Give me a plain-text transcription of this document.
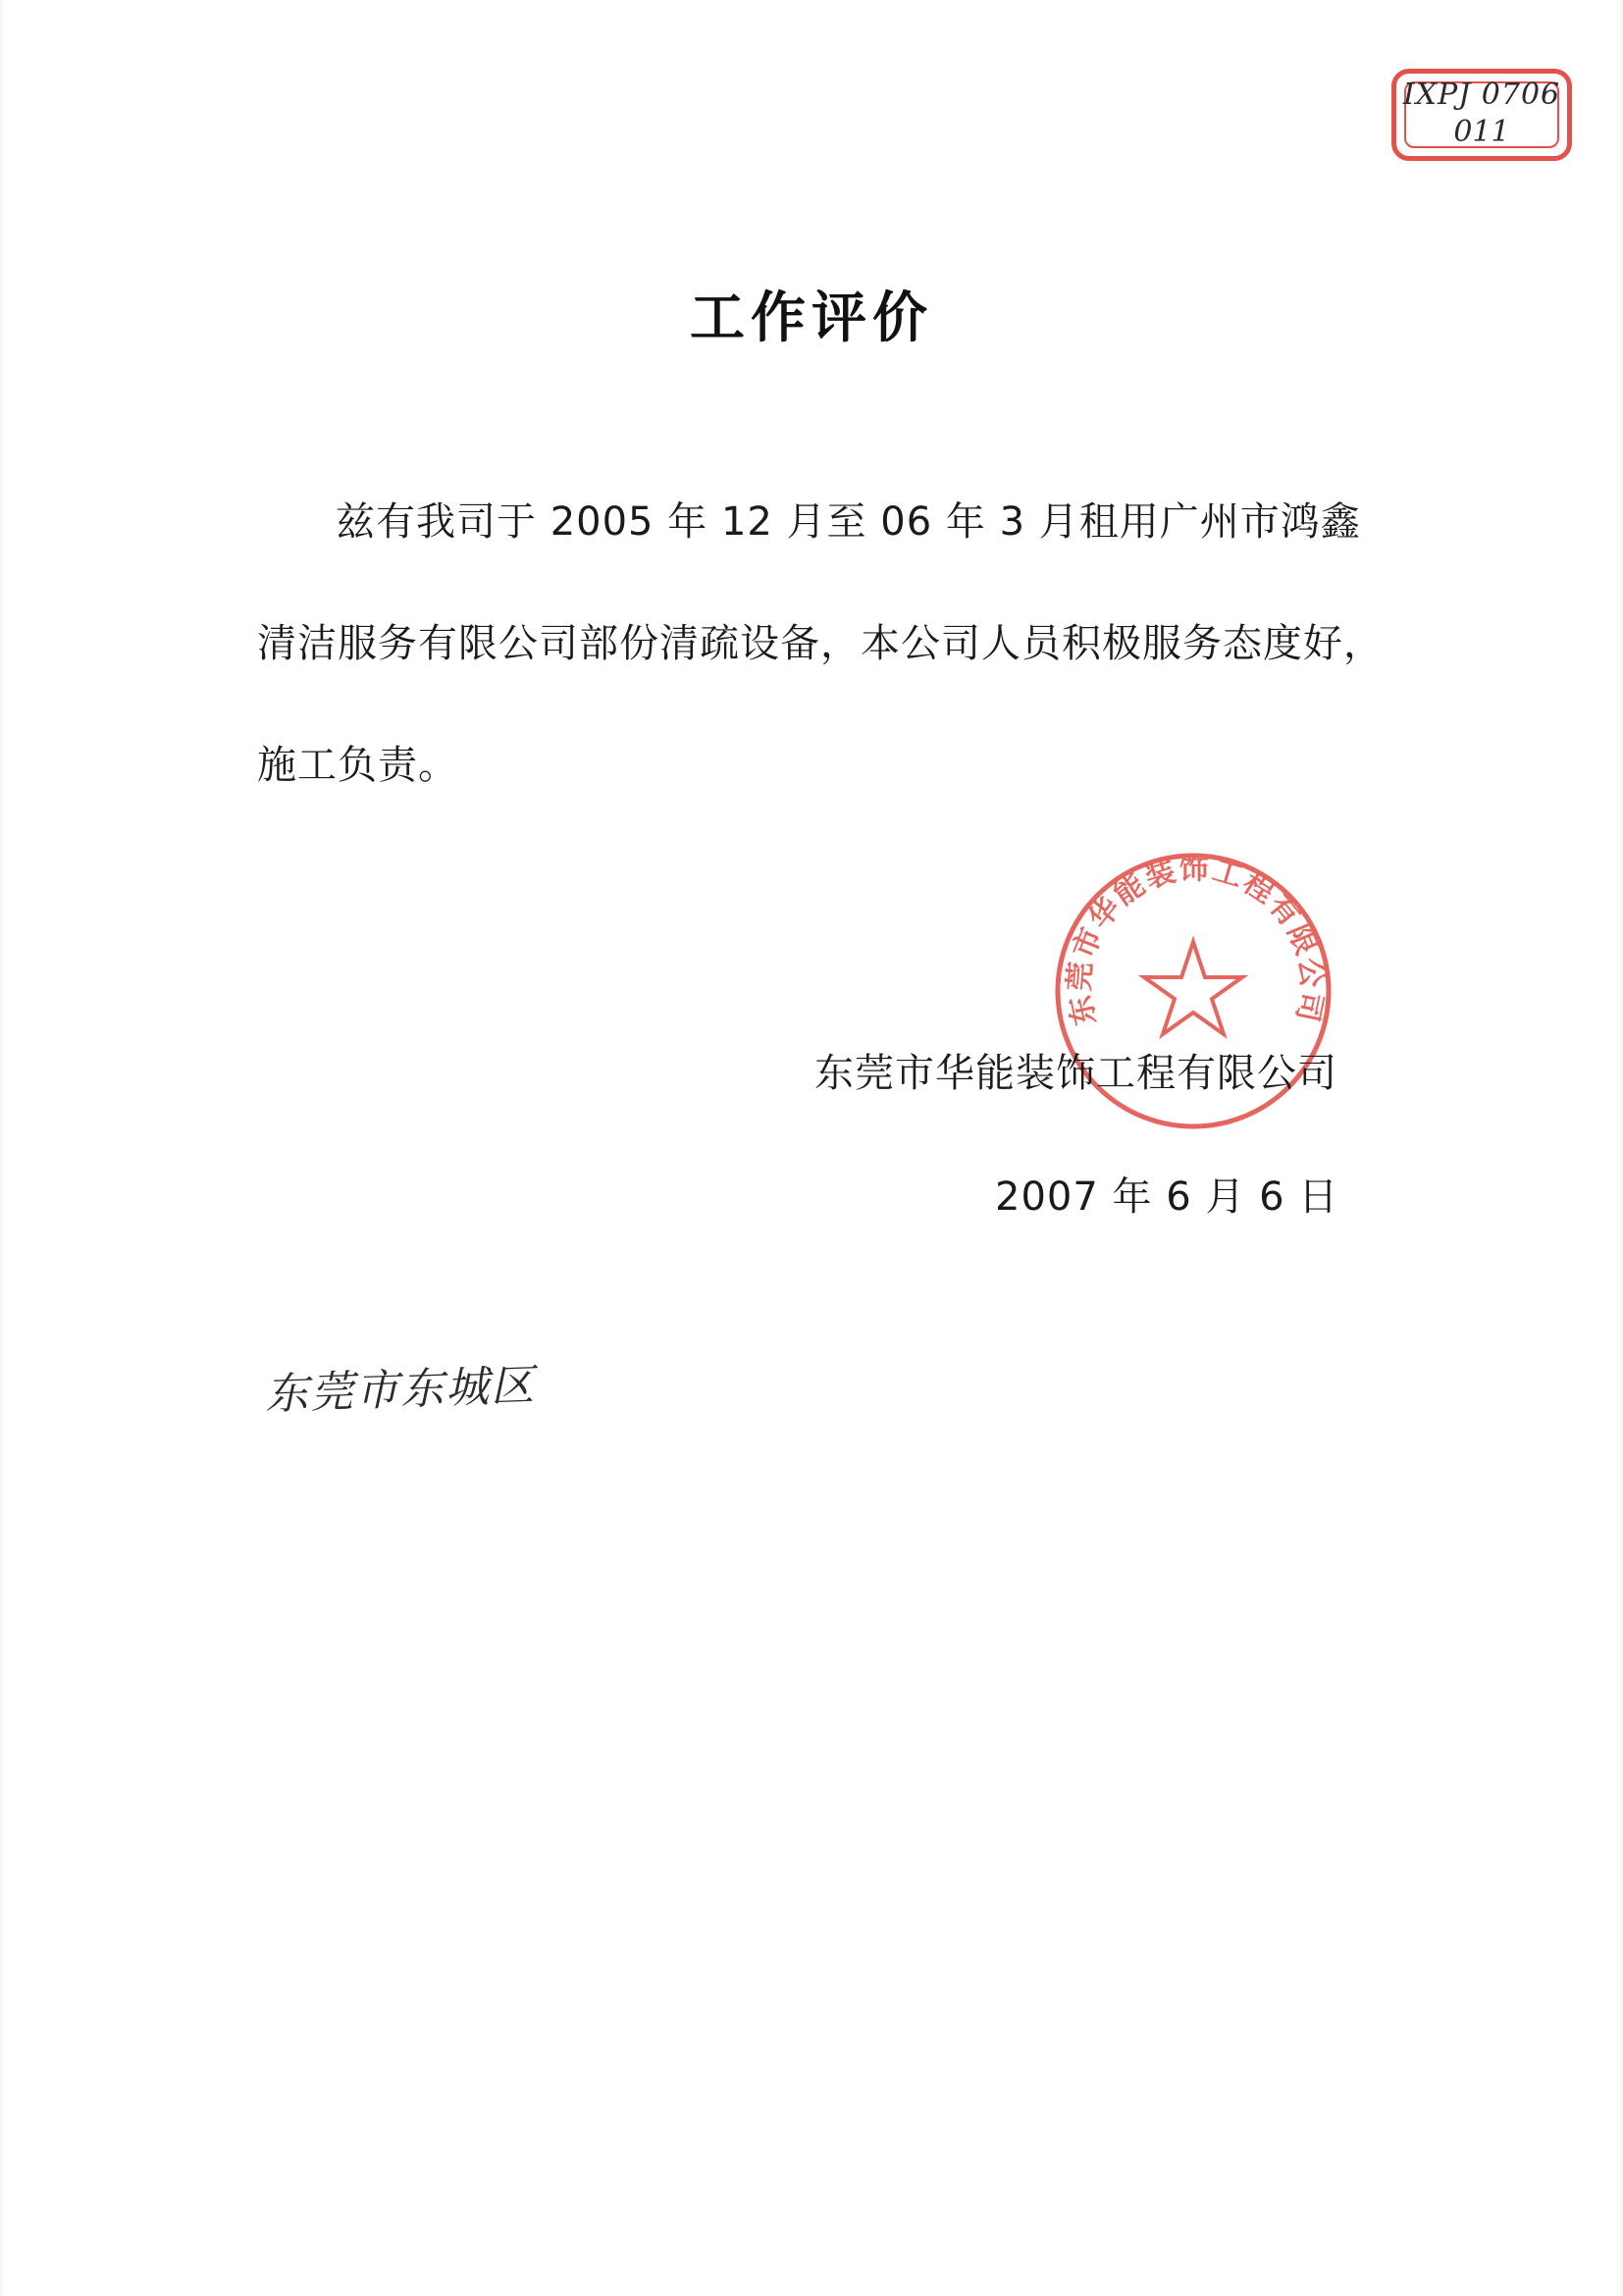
IXPJ 0706
011
工作评价
兹有我司于 2005 年 12 月至 06 年 3 月租用广州市鸿鑫清洁服务有限公司部份清疏设备，本公司人员积极服务态度好，施工负责。
东莞市华能装饰工程有限公司
东莞市华能装饰工程有限公司
2007 年 6 月 6 日
东莞市东城区
